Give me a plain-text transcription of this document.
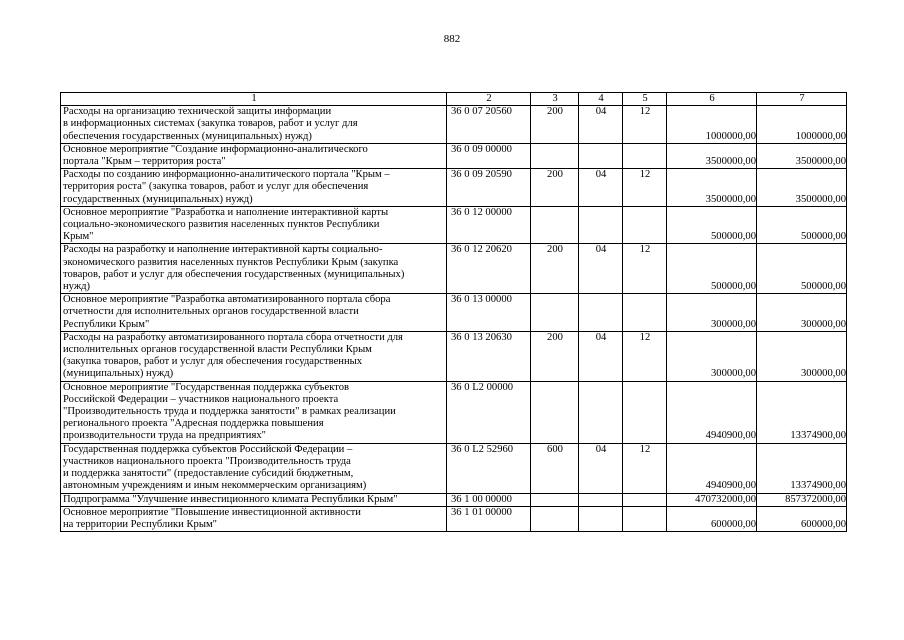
882
1	2	3	4	5	6	7
Расходы на организацию технической защиты информации
в информационных системах (закупка товаров, работ и услуг для
обеспечения государственных (муниципальных) нужд)	36 0 07 20560	200	04	12	1000000,00	1000000,00
Основное мероприятие "Создание информационно-аналитического
портала "Крым – территория роста"	36 0 09 00000				3500000,00	3500000,00
Расходы по созданию информационно-аналитического портала "Крым –
территория роста" (закупка товаров, работ и услуг для обеспечения
государственных (муниципальных) нужд)	36 0 09 20590	200	04	12	3500000,00	3500000,00
Основное мероприятие "Разработка и наполнение интерактивной карты
социально-экономического развития населенных пунктов Республики
Крым"	36 0 12 00000				500000,00	500000,00
Расходы на разработку и наполнение интерактивной карты социально-
экономического развития населенных пунктов Республики Крым (закупка
товаров, работ и услуг для обеспечения государственных (муниципальных)
нужд)	36 0 12 20620	200	04	12	500000,00	500000,00
Основное мероприятие "Разработка автоматизированного портала сбора
отчетности для исполнительных органов государственной власти
Республики Крым"	36 0 13 00000				300000,00	300000,00
Расходы на разработку автоматизированного портала сбора отчетности для
исполнительных органов государственной власти Республики Крым
(закупка товаров, работ и услуг для обеспечения государственных
(муниципальных) нужд)	36 0 13 20630	200	04	12	300000,00	300000,00
Основное мероприятие "Государственная поддержка субъектов
Российской Федерации – участников национального проекта
"Производительность труда и поддержка занятости" в рамках реализации
регионального проекта "Адресная поддержка повышения
производительности труда на предприятиях"	36 0 L2 00000				4940900,00	13374900,00
Государственная поддержка субъектов Российской Федерации –
участников национального проекта "Производительность труда
и поддержка занятости" (предоставление субсидий бюджетным,
автономным учреждениям и иным некоммерческим организациям)	36 0 L2 52960	600	04	12	4940900,00	13374900,00
Подпрограмма "Улучшение инвестиционного климата Республики Крым"	36 1 00 00000				470732000,00	857372000,00
Основное мероприятие "Повышение инвестиционной активности
на территории Республики Крым"	36 1 01 00000				600000,00	600000,00
